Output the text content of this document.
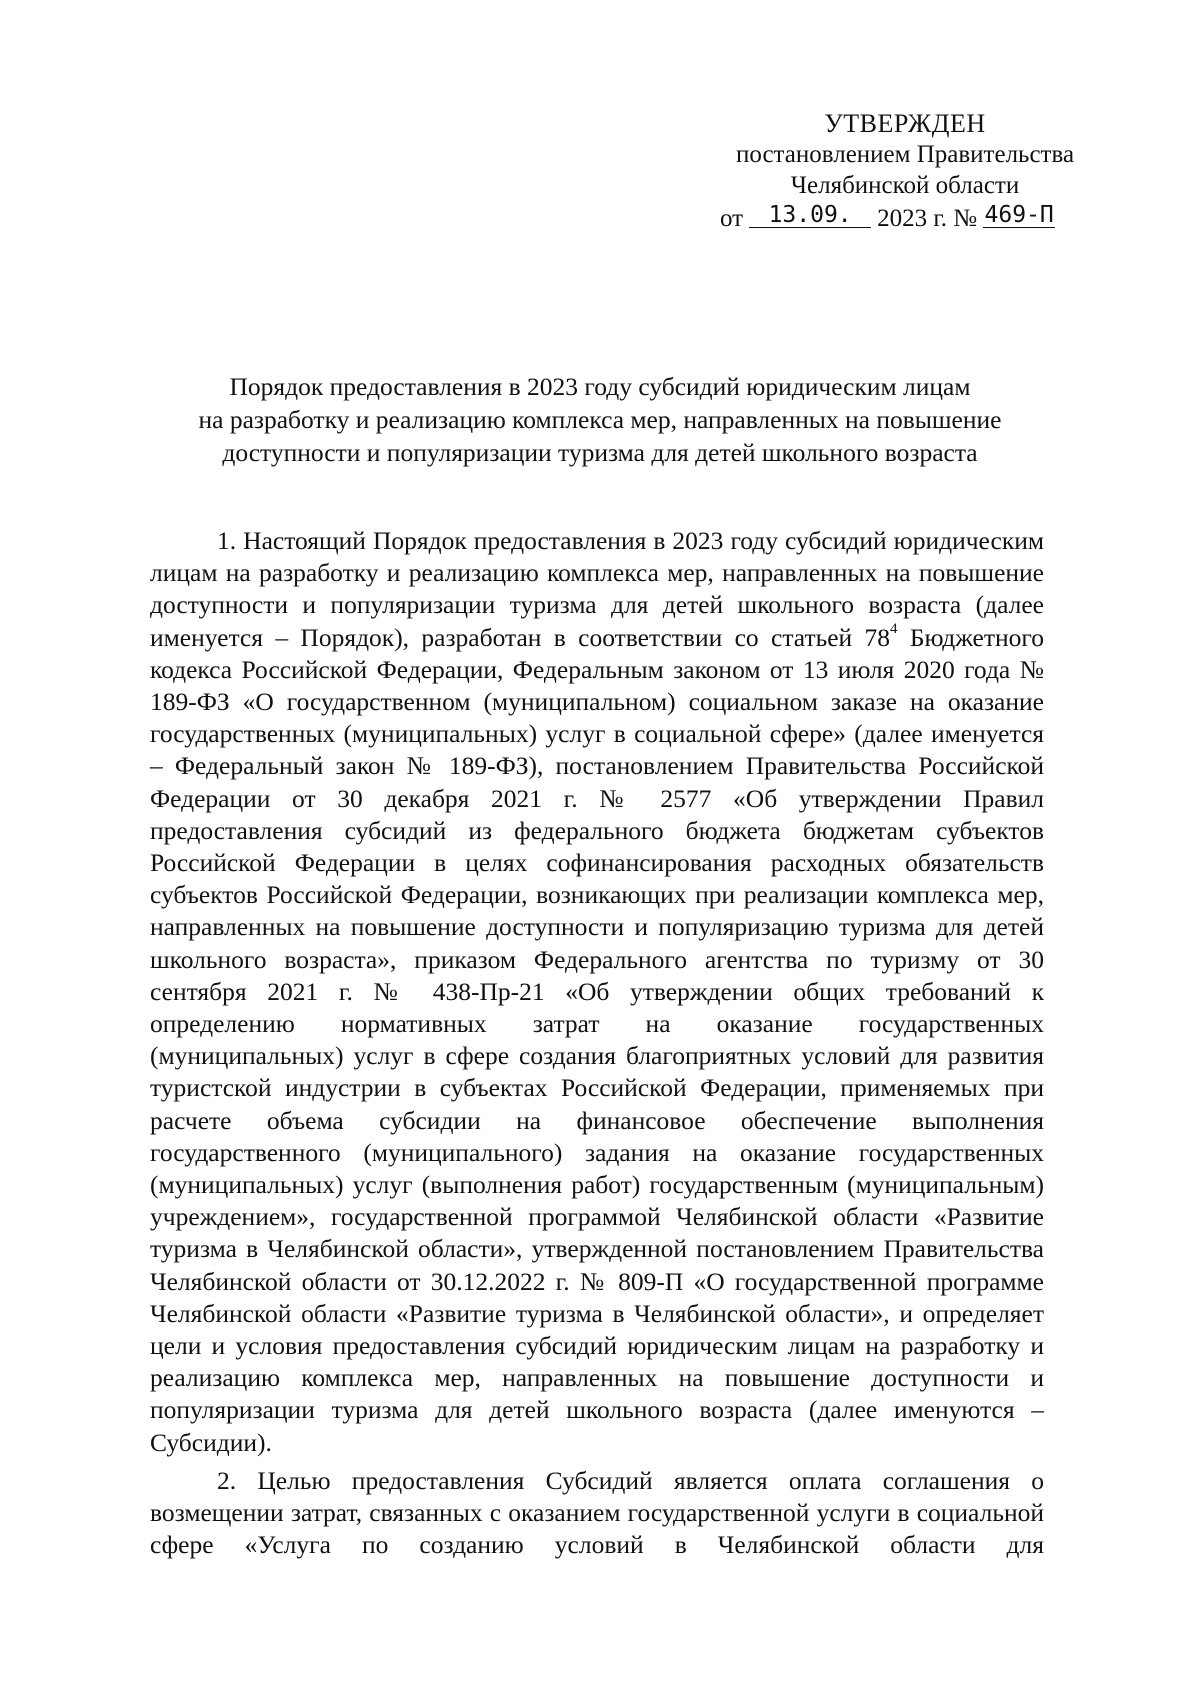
УТВЕРЖДЕН
постановлением Правительства
Челябинской области
от 13.09. 2023 г. № 469-П
Порядок предоставления в 2023 году субсидий юридическим лицам
на разработку и реализацию комплекса мер, направленных на повышение
доступности и популяризации туризма для детей школьного возраста

1. Настоящий Порядок предоставления в 2023 году субсидий юридическим лицам на разработку и реализацию комплекса мер, направленных на повышение доступности и популяризации туризма для детей школьного возраста (далее именуется – Порядок), разработан в соответствии со статьей $78^4$ Бюджетного кодекса Российской Федерации, Федеральным законом от 13 июля 2020 года № 189-ФЗ «О государственном (муниципальном) социальном заказе на оказание государственных (муниципальных) услуг в социальной сфере» (далее именуется – Федеральный закон № 189-ФЗ), постановлением Правительства Российской Федерации от 30 декабря 2021 г. № 2577 «Об утверждении Правил предоставления субсидий из федерального бюджета бюджетам субъектов Российской Федерации в целях софинансирования расходных обязательств субъектов Российской Федерации, возникающих при реализации комплекса мер, направленных на повышение доступности и популяризацию туризма для детей школьного возраста», приказом Федерального агентства по туризму от 30 сентября 2021 г. № 438-Пр-21 «Об утверждении общих требований к определению нормативных затрат на оказание государственных (муниципальных) услуг в сфере создания благоприятных условий для развития туристской индустрии в субъектах Российской Федерации, применяемых при расчете объема субсидии на финансовое обеспечение выполнения государственного (муниципального) задания на оказание государственных (муниципальных) услуг (выполнения работ) государственным (муниципальным) учреждением», государственной программой Челябинской области «Развитие туризма в Челябинской области», утвержденной постановлением Правительства Челябинской области от 30.12.2022 г. № 809-П «О государственной программе Челябинской области «Развитие туризма в Челябинской области», и определяет цели и условия предоставления субсидий юридическим лицам на разработку и реализацию комплекса мер, направленных на повышение доступности и популяризации туризма для детей школьного возраста (далее именуются – Субсидии).

2. Целью предоставления Субсидий является оплата соглашения о возмещении затрат, связанных с оказанием государственной услуги в социальной сфере «Услуга по созданию условий в Челябинской области для
